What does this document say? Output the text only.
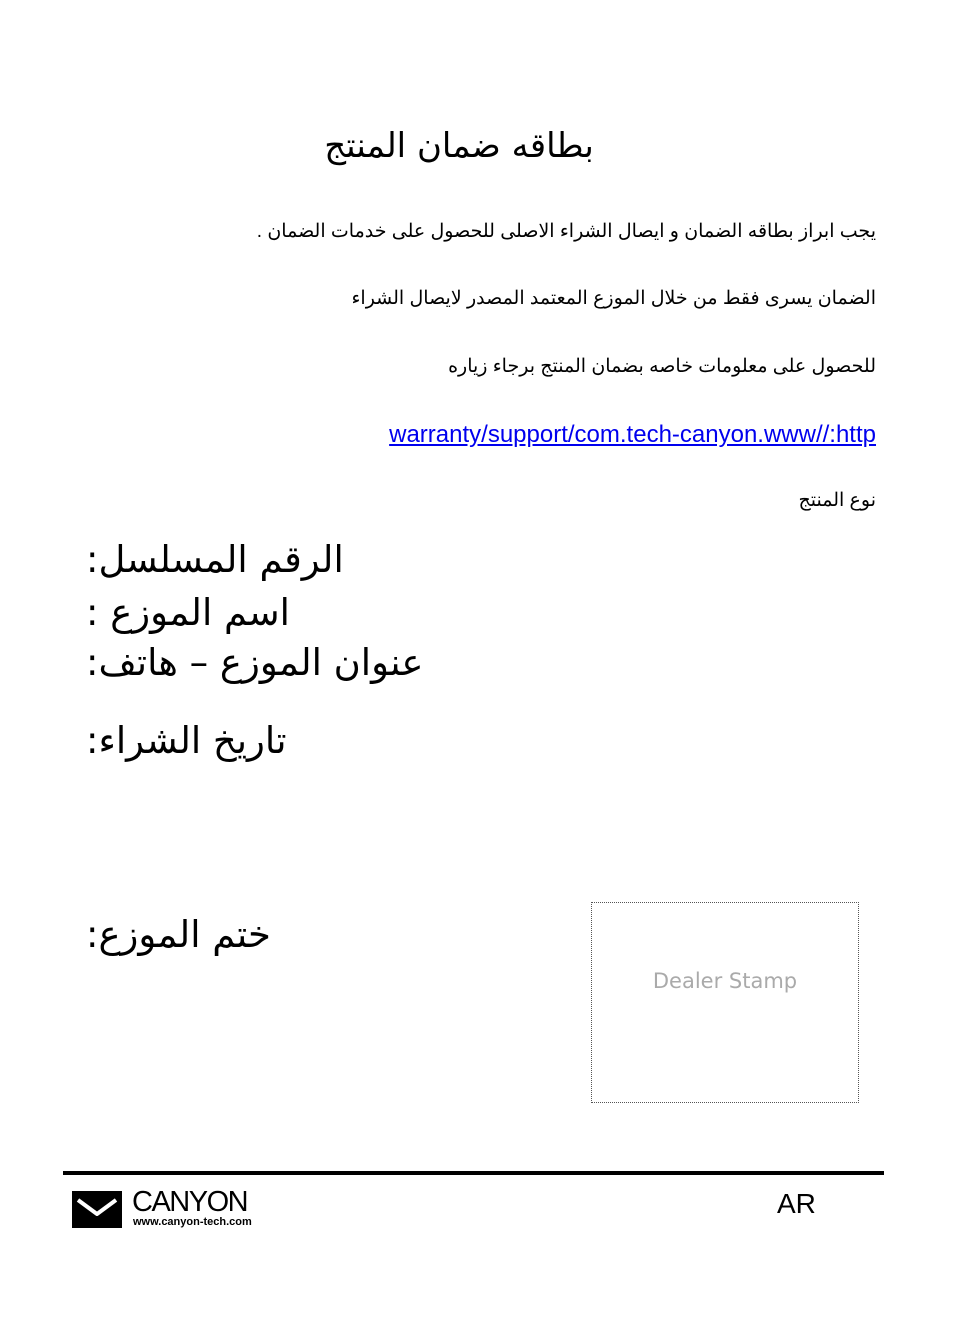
بطاقه ضمان المنتج
يجب ابراز بطاقه الضمان و ايصال الشراء الاصلى للحصول على خدمات الضمان .
الضمان يسرى فقط من خلال الموزع المعتمد المصدر لايصال الشراء
للحصول على معلومات خاصه بضمان المنتج برجاء زياره
warranty/support/com.tech-canyon.www//:http
نوع المنتج
الرقم المسلسل:
اسم الموزع :
عنوان الموزع – هاتف:
تاريخ الشراء:
ختم الموزع:
Dealer Stamp
CANYON
www.canyon-tech.com
AR
